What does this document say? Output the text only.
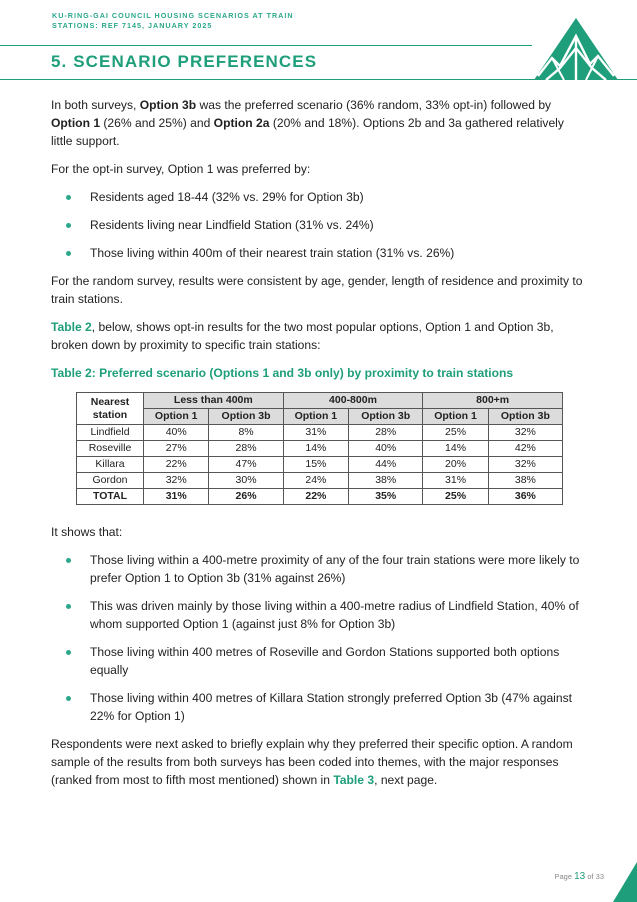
KU-RING-GAI COUNCIL HOUSING SCENARIOS AT TRAIN
STATIONS: REF 7145, JANUARY 2025
5. SCENARIO PREFERENCES

In both surveys, Option 3b was the preferred scenario (36% random, 33% opt-in) followed by Option 1 (26% and 25%) and Option 2a (20% and 18%). Options 2b and 3a gathered relatively little support.

For the opt-in survey, Option 1 was preferred by:

Residents aged 18-44 (32% vs. 29% for Option 3b)
Residents living near Lindfield Station (31% vs. 24%)
Those living within 400m of their nearest train station (31% vs. 26%)

For the random survey, results were consistent by age, gender, length of residence and proximity to train stations.

Table 2, below, shows opt-in results for the two most popular options, Option 1 and Option 3b, broken down by proximity to specific train stations:

Table 2: Preferred scenario (Options 1 and 3b only) by proximity to train stations

Nearest
station	Less than 400m		400-800m		800+m	
	Option 1	Option 3b	Option 1	Option 3b	Option 1	Option 3b
Lindfield	40%	8%	31%	28%	25%	32%
Roseville	27%	28%	14%	40%	14%	42%
Killara	22%	47%	15%	44%	20%	32%
Gordon	32%	30%	24%	38%	31%	38%
TOTAL	31%	26%	22%	35%	25%	36%

It shows that:

Those living within a 400-metre proximity of any of the four train stations were more likely to prefer Option 1 to Option 3b (31% against 26%)
This was driven mainly by those living within a 400-metre radius of Lindfield Station, 40% of whom supported Option 1 (against just 8% for Option 3b)
Those living within 400 metres of Roseville and Gordon Stations supported both options equally
Those living within 400 metres of Killara Station strongly preferred Option 3b (47% against 22% for Option 1)

Respondents were next asked to briefly explain why they preferred their specific option. A random sample of the results from both surveys has been coded into themes, with the major responses (ranked from most to fifth most mentioned) shown in Table 3, next page.

Page 13 of 33
